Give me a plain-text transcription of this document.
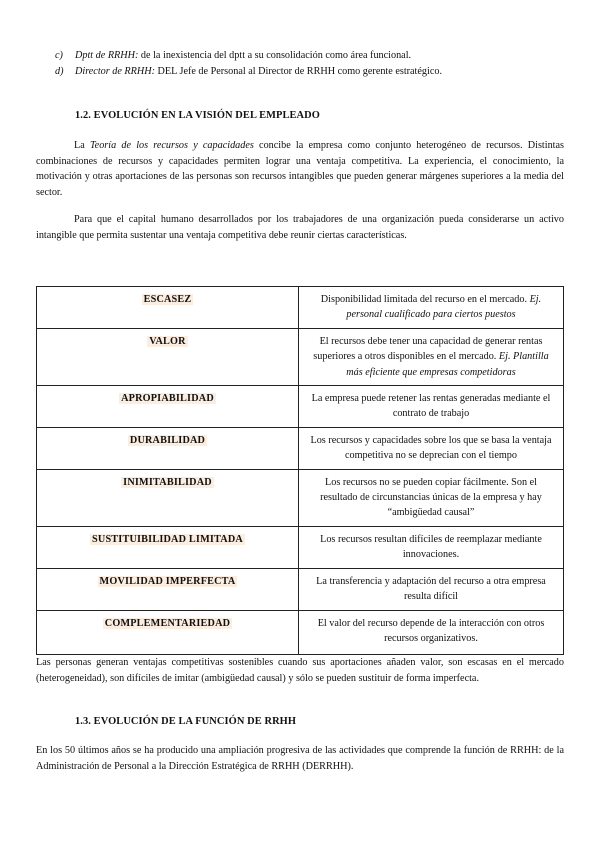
c) Dptt de RRHH: de la inexistencia del dptt a su consolidación como área funcional.
d) Director de RRHH: DEL Jefe de Personal al Director de RRHH como gerente estratégico.
1.2. EVOLUCIÓN EN LA VISIÓN DEL EMPLEADO
La Teoría de los recursos y capacidades concibe la empresa como conjunto heterogéneo de recursos. Distintas combinaciones de recursos y capacidades permiten lograr una ventaja competitiva. La experiencia, el conocimiento, la motivación y otras aportaciones de las personas son recursos intangibles que pueden generar márgenes superiores a la media del sector.
Para que el capital humano desarrollados por los trabajadores de una organización pueda considerarse un activo intangible que permita sustentar una ventaja competitiva debe reunir ciertas características.
ESCASEZ	Disponibilidad limitada del recurso en el mercado. Ej. personal cualificado para ciertos puestos
VALOR	El recursos debe tener una capacidad de generar rentas superiores a otros disponibles en el mercado. Ej. Plantilla más eficiente que empresas competidoras
APROPIABILIDAD	La empresa puede retener las rentas generadas mediante el contrato de trabajo
DURABILIDAD	Los recursos y capacidades sobre los que se basa la ventaja competitiva no se deprecian con el tiempo
INIMITABILIDAD	Los recursos no se pueden copiar fácilmente. Son el resultado de circunstancias únicas de la empresa y hay “ambigüedad causal”
SUSTITUIBILIDAD LIMITADA	Los recursos resultan difíciles de reemplazar mediante innovaciones.
MOVILIDAD IMPERFECTA	La transferencia y adaptación del recurso a otra empresa resulta difícil
COMPLEMENTARIEDAD	El valor del recurso depende de la interacción con otros recursos organizativos.
Las personas generan ventajas competitivas sostenibles cuando sus aportaciones añaden valor, son escasas en el mercado (heterogeneidad), son difíciles de imitar (ambigüedad causal) y sólo se pueden sustituir de forma imperfecta.
1.3. EVOLUCIÓN DE LA FUNCIÓN DE RRHH
En los 50 últimos años se ha producido una ampliación progresiva de las actividades que comprende la función de RRHH: de la Administración de Personal a la Dirección Estratégica de RRHH (DERRHH).
